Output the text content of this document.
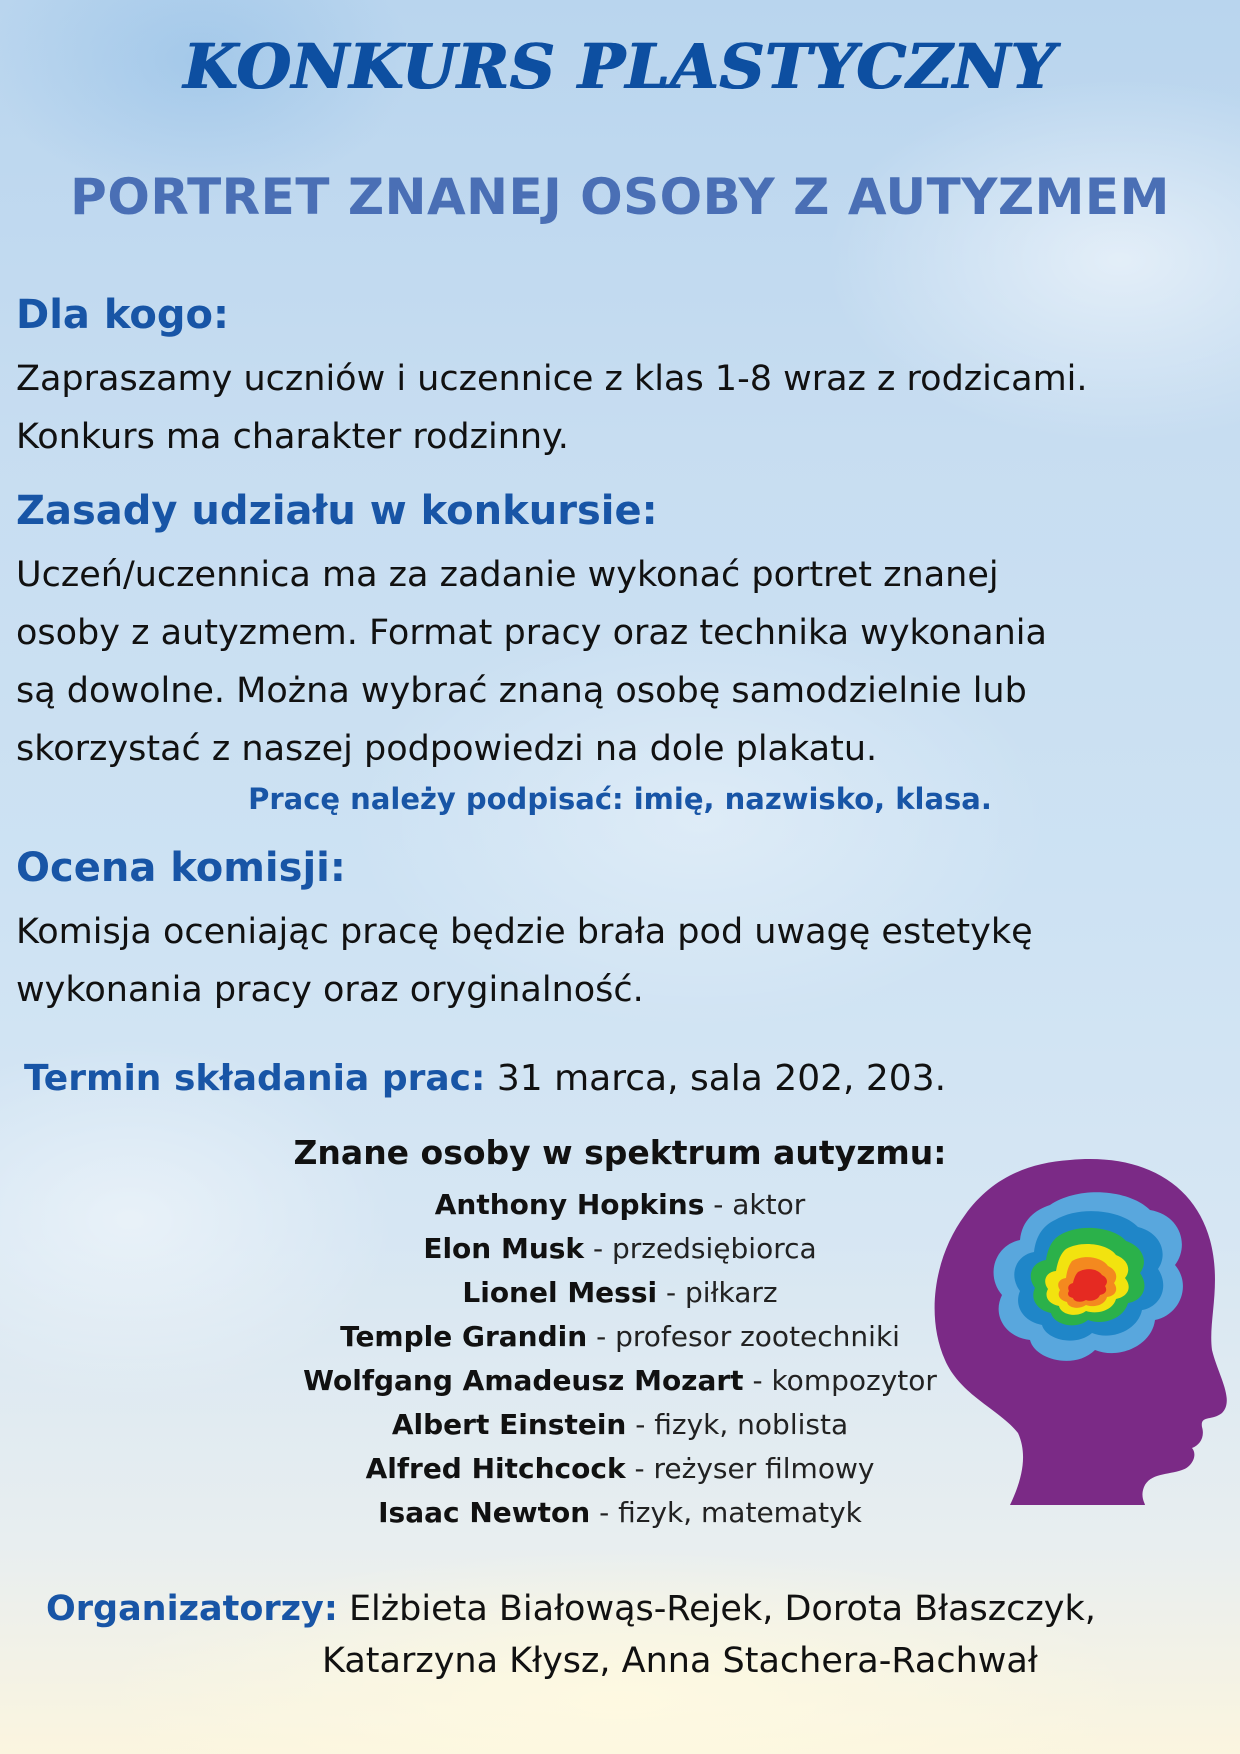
KONKURS PLASTYCZNY
PORTRET ZNANEJ OSOBY Z AUTYZMEM
Dla kogo:
Zapraszamy uczniów i uczennice z klas 1-8 wraz z rodzicami.
Konkurs ma charakter rodzinny.
Zasady udziału w konkursie:
Uczeń/uczennica ma za zadanie wykonać portret znanej
osoby z autyzmem. Format pracy oraz technika wykonania
są dowolne. Można wybrać znaną osobę samodzielnie lub
skorzystać z naszej podpowiedzi na dole plakatu.
Pracę należy podpisać: imię, nazwisko, klasa.
Ocena komisji:
Komisja oceniając pracę będzie brała pod uwagę estetykę
wykonania pracy oraz oryginalność.
Termin składania prac: 31 marca, sala 202, 203.
Znane osoby w spektrum autyzmu:
Anthony Hopkins - aktor
Elon Musk - przedsiębiorca
Lionel Messi - piłkarz
Temple Grandin - profesor zootechniki
Wolfgang Amadeusz Mozart - kompozytor
Albert Einstein - fizyk, noblista
Alfred Hitchcock - reżyser filmowy
Isaac Newton - fizyk, matematyk
Organizatorzy: Elżbieta Białowąs-Rejek, Dorota Błaszczyk,
Katarzyna Kłysz, Anna Stachera-Rachwał
